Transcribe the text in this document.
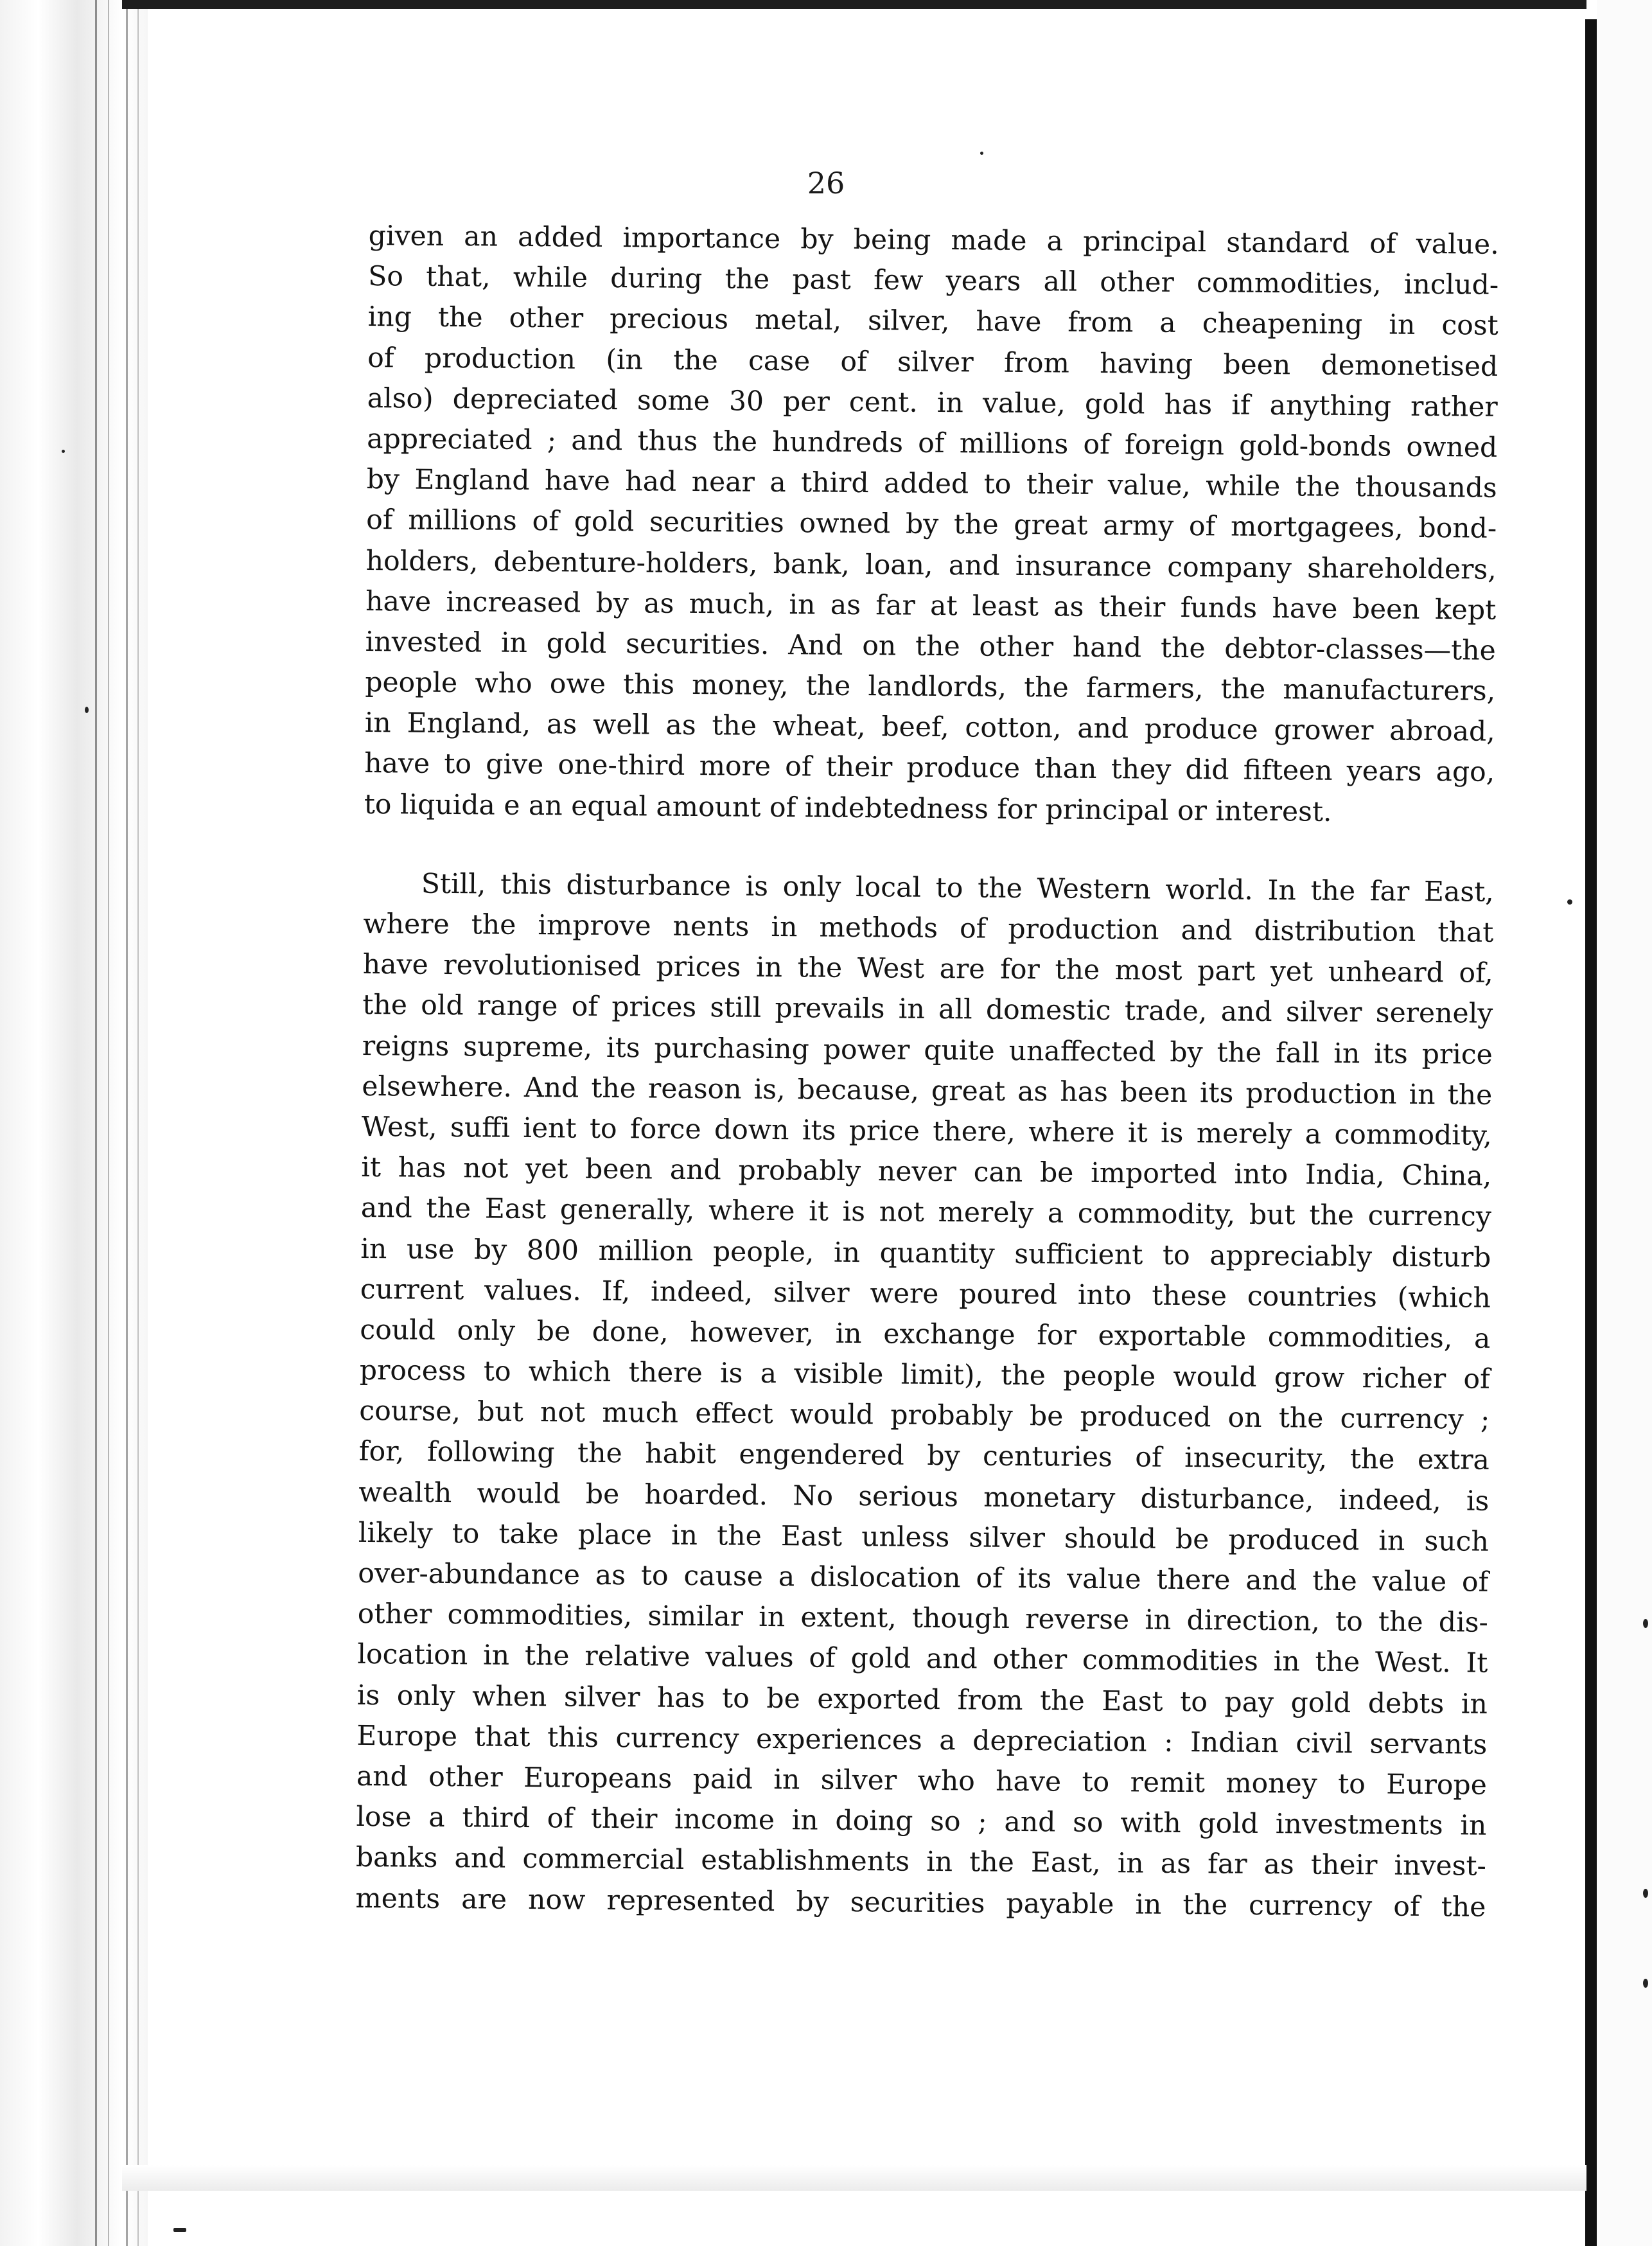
26
given an added importance by being made a principal standard of value.
So that, while during the past few years all other commodities, includ-
ing the other precious metal, silver, have from a cheapening in cost
of production (in the case of silver from having been demonetised
also) depreciated some 30 per cent. in value, gold has if anything rather
appreciated ; and thus the hundreds of millions of foreign gold-bonds owned
by England have had near a third added to their value, while the thousands
of millions of gold securities owned by the great army of mortgagees, bond-
holders, debenture-holders, bank, loan, and insurance company shareholders,
have increased by as much, in as far at least as their funds have been kept
invested in gold securities. And on the other hand the debtor-classes—the
people who owe this money, the landlords, the farmers, the manufacturers,
in England, as well as the wheat, beef, cotton, and produce grower abroad,
have to give one-third more of their produce than they did fifteen years ago,
to liquida e an equal amount of indebtedness for principal or interest.
Still, this disturbance is only local to the Western world. In the far East,
where the improve nents in methods of production and distribution that
have revolutionised prices in the West are for the most part yet unheard of,
the old range of prices still prevails in all domestic trade, and silver serenely
reigns supreme, its purchasing power quite unaffected by the fall in its price
elsewhere. And the reason is, because, great as has been its production in the
West, suffi ient to force down its price there, where it is merely a commodity,
it has not yet been and probably never can be imported into India, China,
and the East generally, where it is not merely a commodity, but the currency
in use by 800 million people, in quantity sufficient to appreciably disturb
current values. If, indeed, silver were poured into these countries (which
could only be done, however, in exchange for exportable commodities, a
process to which there is a visible limit), the people would grow richer of
course, but not much effect would probably be produced on the currency ;
for, following the habit engendered by centuries of insecurity, the extra
wealth would be hoarded. No serious monetary disturbance, indeed, is
likely to take place in the East unless silver should be produced in such
over-abundance as to cause a dislocation of its value there and the value of
other commodities, similar in extent, though reverse in direction, to the dis-
location in the relative values of gold and other commodities in the West. It
is only when silver has to be exported from the East to pay gold debts in
Europe that this currency experiences a depreciation : Indian civil servants
and other Europeans paid in silver who have to remit money to Europe
lose a third of their income in doing so ; and so with gold investments in
banks and commercial establishments in the East, in as far as their invest-
ments are now represented by securities payable in the currency of the
